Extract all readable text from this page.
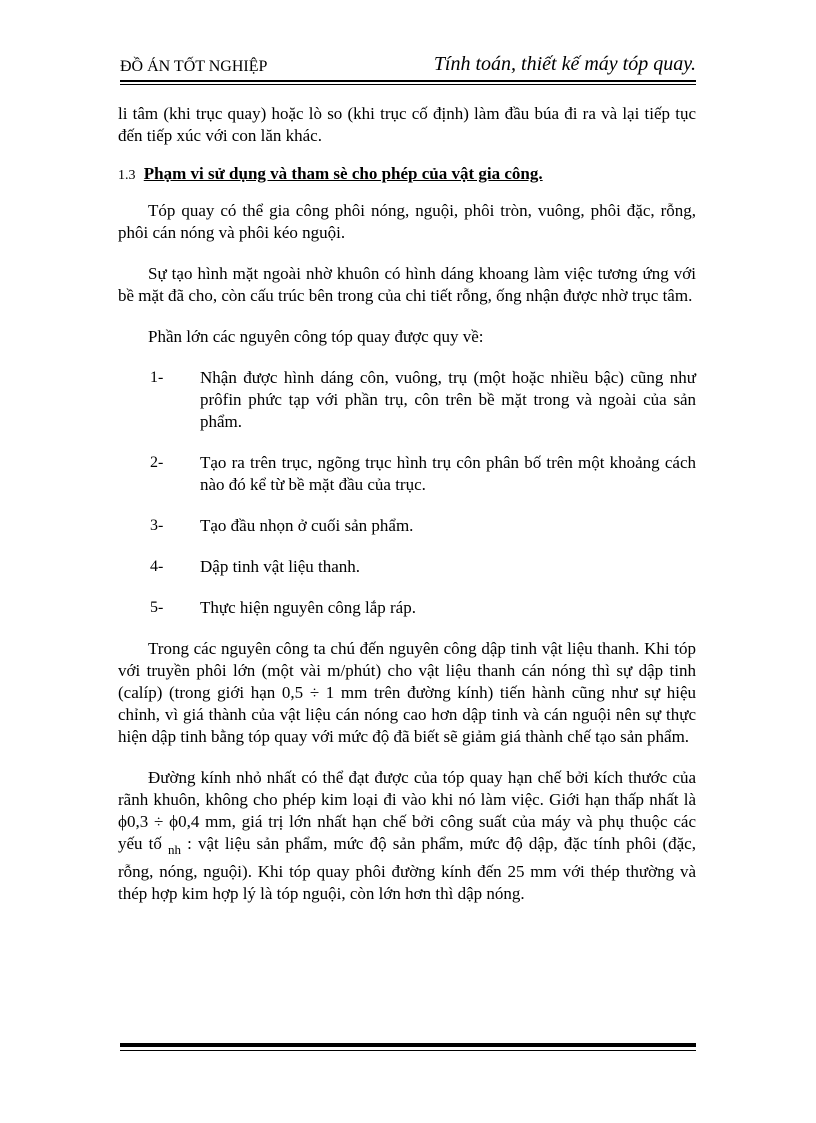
ĐỒ ÁN TỐT NGHIỆP	Tính toán, thiết kế máy tóp quay.

li tâm (khi trục quay) hoặc lò so (khi trục cố định) làm đầu búa đi ra và lại tiếp tục đến tiếp xúc với con lăn khác.

1.3 Phạm vi sử dụng và tham sè cho phép của vật gia công.

Tóp quay có thể gia công phôi nóng, nguội, phôi tròn, vuông, phôi đặc, rỗng, phôi cán nóng và phôi kéo nguội.

Sự tạo hình mặt ngoài nhờ khuôn có hình dáng khoang làm việc tương ứng với bề mặt đã cho, còn cấu trúc bên trong của chi tiết rỗng, ống nhận được nhờ trục tâm.

Phần lớn các nguyên công tóp quay được quy về:

1- Nhận được hình dáng côn, vuông, trụ (một hoặc nhiều bậc) cũng như prôfin phức tạp với phần trụ, côn trên bề mặt trong và ngoài của sản phẩm.
2- Tạo ra trên trục, ngõng trục hình trụ côn phân bố trên một khoảng cách nào đó kể từ bề mặt đầu của trục.
3- Tạo đầu nhọn ở cuối sản phẩm.
4- Dập tinh vật liệu thanh.
5- Thực hiện nguyên công lắp ráp.

Trong các nguyên công ta chú đến nguyên công dập tinh vật liệu thanh. Khi tóp với truyền phôi lớn (một vài m/phút) cho vật liệu thanh cán nóng thì sự dập tinh (calíp) (trong giới hạn 0,5 ÷ 1 mm trên đường kính) tiến hành cũng như sự hiệu chỉnh, vì giá thành của vật liệu cán nóng cao hơn dập tinh và cán nguội nên sự thực hiện dập tinh bằng tóp quay với mức độ đã biết sẽ giảm giá thành chế tạo sản phẩm.

Đường kính nhỏ nhất có thể đạt được của tóp quay hạn chế bởi kích thước của rãnh khuôn, không cho phép kim loại đi vào khi nó làm việc. Giới hạn thấp nhất là ϕ0,3 ÷ ϕ0,4 mm, giá trị lớn nhất hạn chế bởi công suất của máy và phụ thuộc các yếu tố $_{nh}$ : vật liệu sản phẩm, mức độ sản phẩm, mức độ dập, đặc tính phôi (đặc, rỗng, nóng, nguội). Khi tóp quay phôi đường kính đến 25 mm với thép thường và thép hợp kim hợp lý là tóp nguội, còn lớn hơn thì dập nóng.
